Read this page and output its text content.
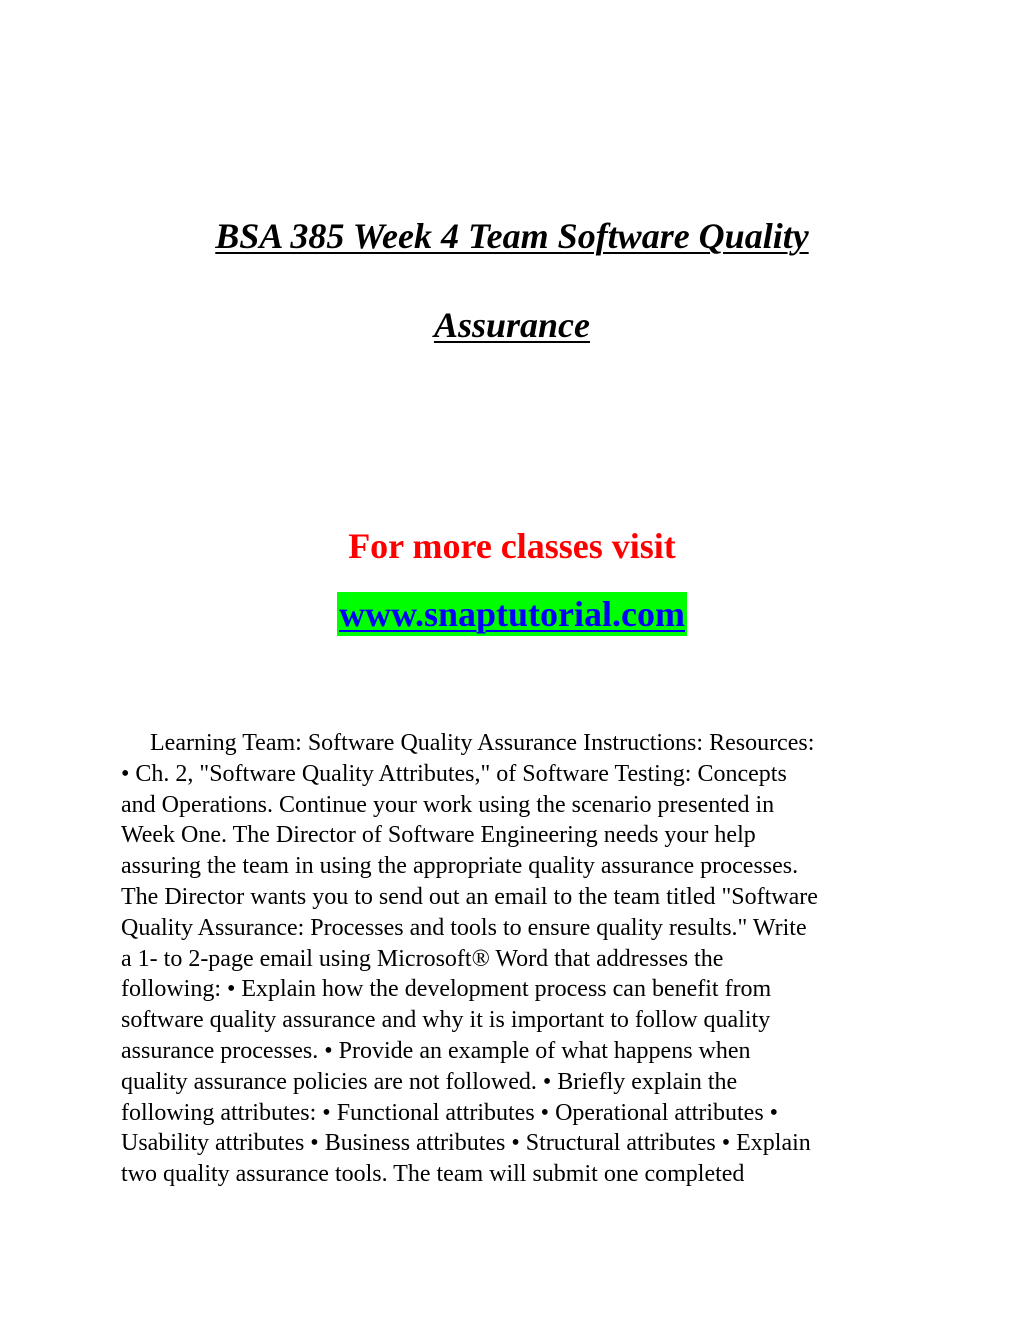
BSA 385 Week 4 Team Software Quality
Assurance
For more classes visit
www.snaptutorial.com
Learning Team: Software Quality Assurance Instructions: Resources:
• Ch. 2, "Software Quality Attributes," of Software Testing: Concepts
and Operations. Continue your work using the scenario presented in
Week One. The Director of Software Engineering needs your help
assuring the team in using the appropriate quality assurance processes.
The Director wants you to send out an email to the team titled "Software
Quality Assurance: Processes and tools to ensure quality results." Write
a 1- to 2-page email using Microsoft® Word that addresses the
following: • Explain how the development process can benefit from
software quality assurance and why it is important to follow quality
assurance processes. • Provide an example of what happens when
quality assurance policies are not followed. • Briefly explain the
following attributes: • Functional attributes • Operational attributes •
Usability attributes • Business attributes • Structural attributes • Explain
two quality assurance tools. The team will submit one completed
